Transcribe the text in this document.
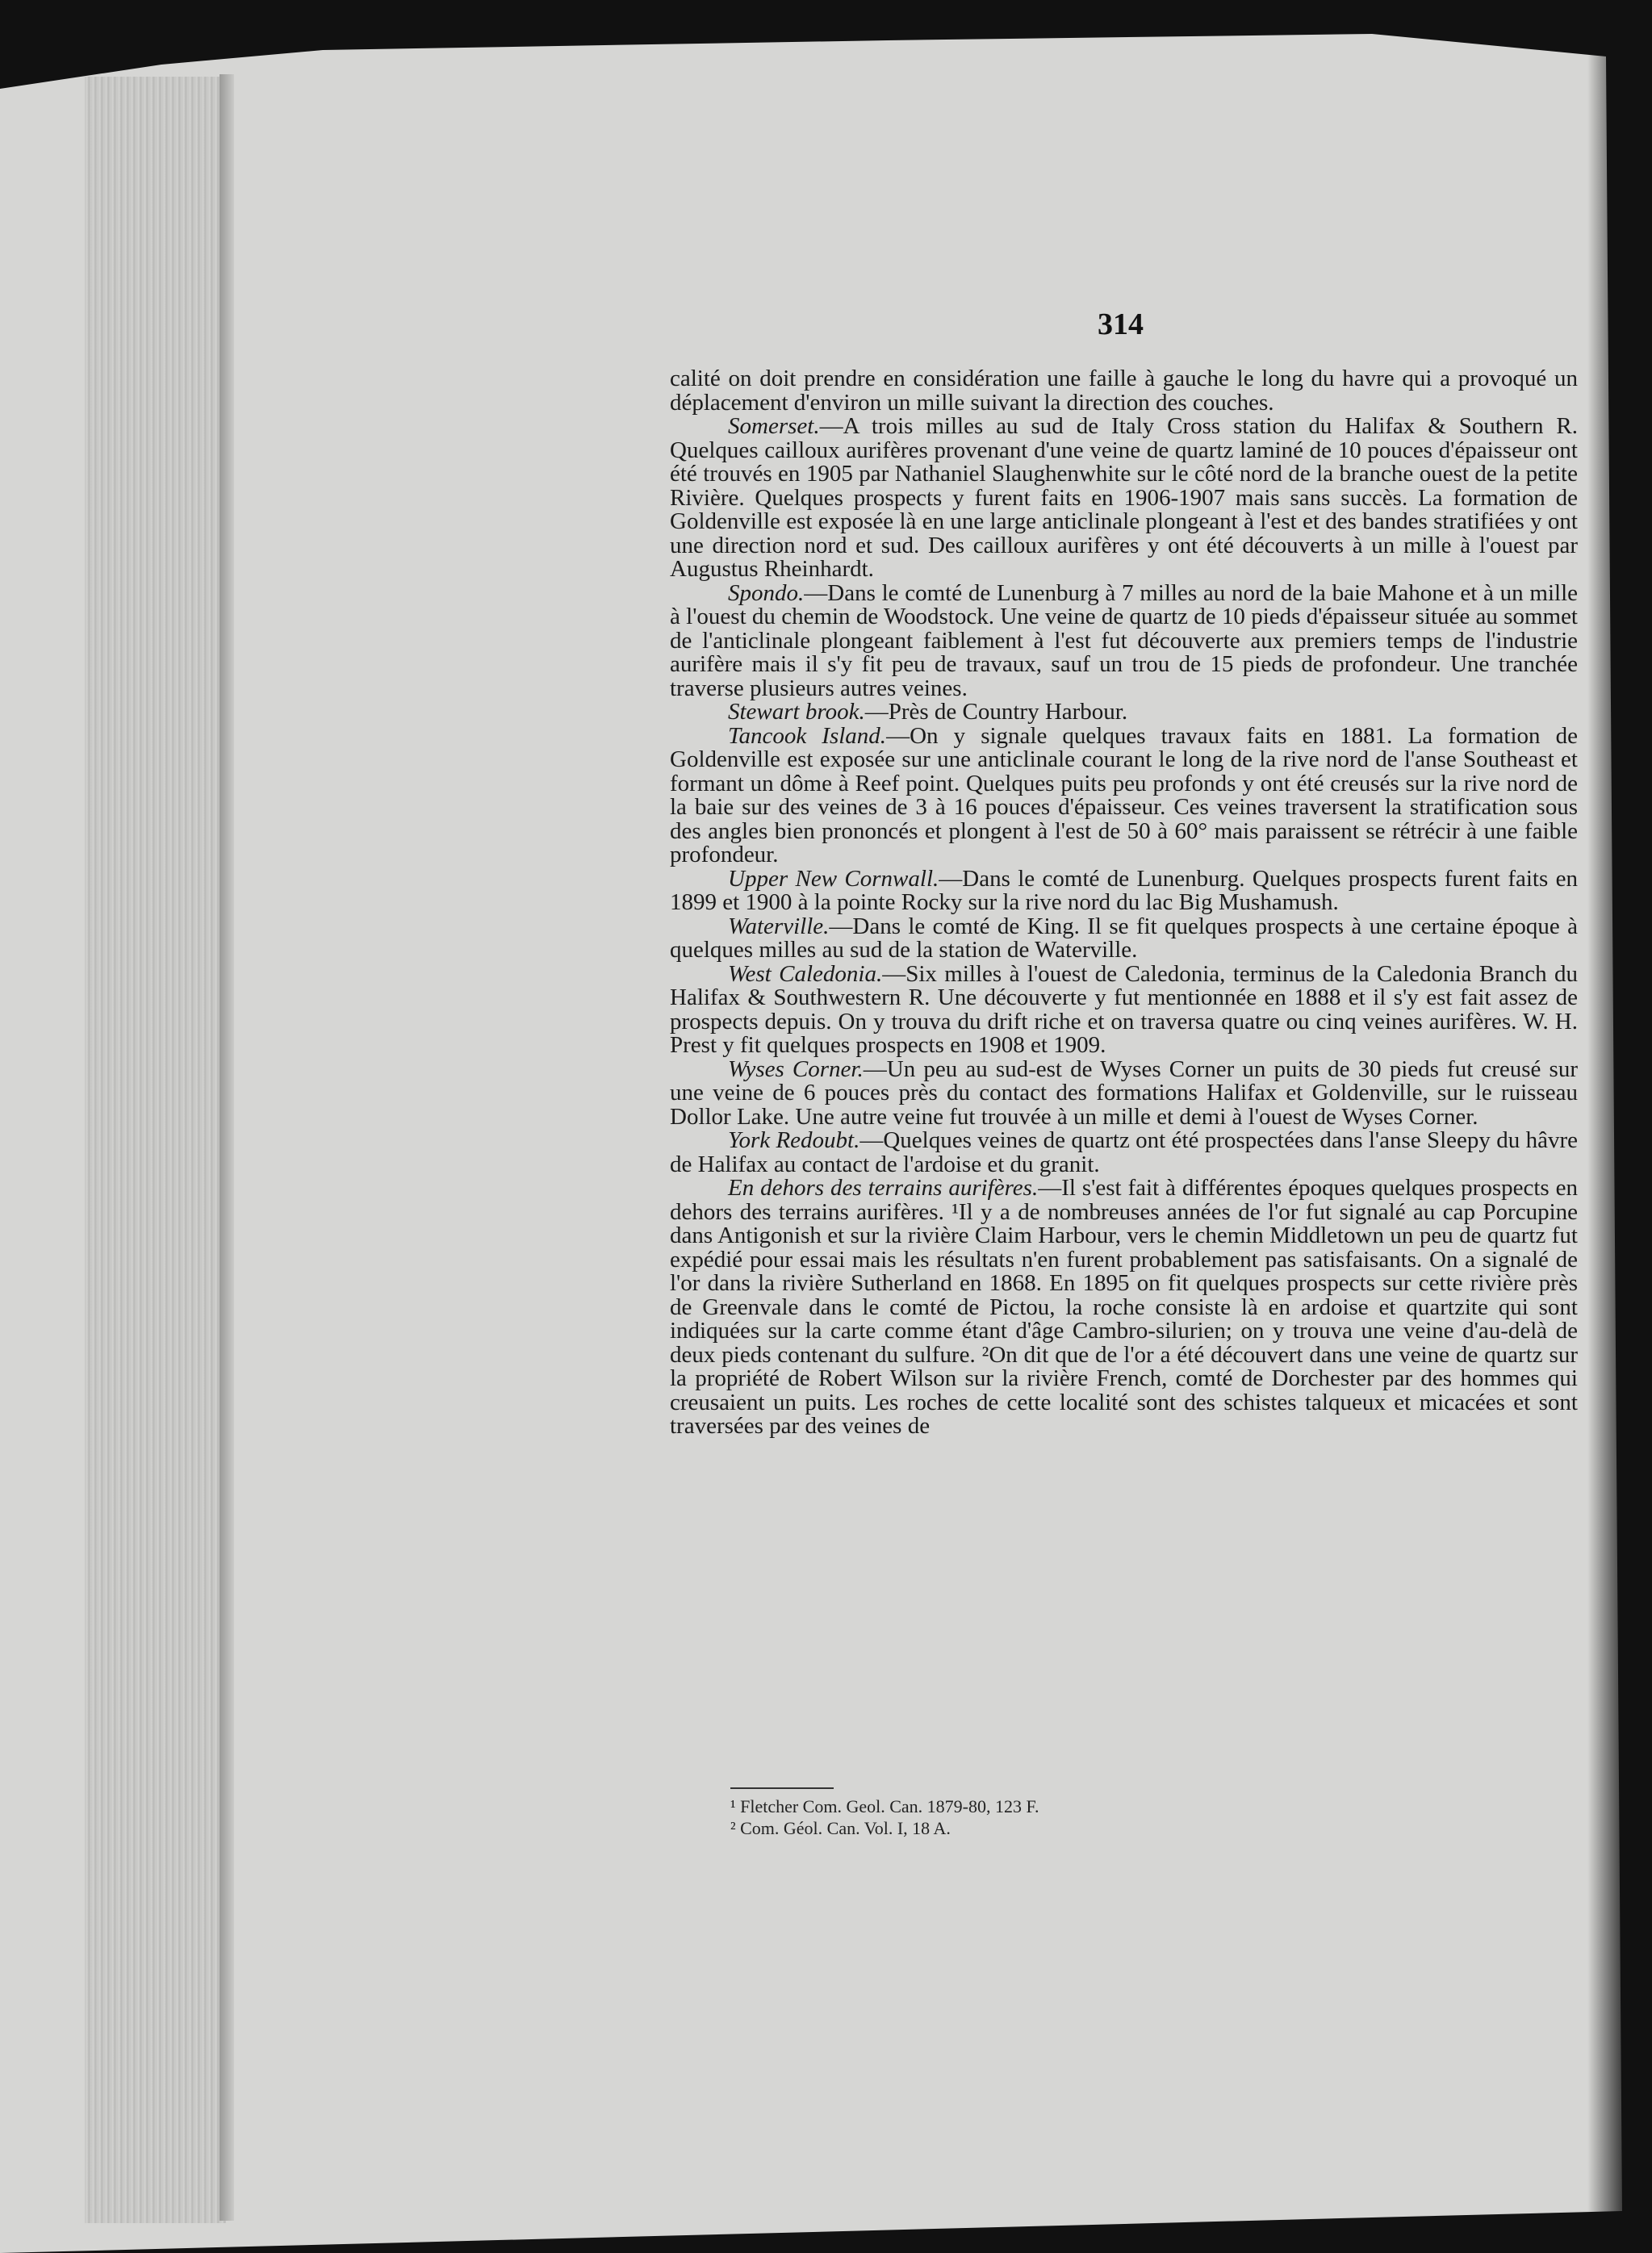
314

calité on doit prendre en considération une faille à gauche le long du havre qui a provoqué un déplacement d'environ un mille suivant la direction des couches.

Somerset.—A trois milles au sud de Italy Cross station du Halifax & Southern R. Quelques cailloux aurifères provenant d'une veine de quartz laminé de 10 pouces d'épaisseur ont été trouvés en 1905 par Nathaniel Slaughenwhite sur le côté nord de la branche ouest de la petite Rivière. Quelques prospects y furent faits en 1906-1907 mais sans succès. La formation de Goldenville est exposée là en une large anticlinale plongeant à l'est et des bandes stratifiées y ont une direction nord et sud. Des cailloux aurifères y ont été découverts à un mille à l'ouest par Augustus Rheinhardt.

Spondo.—Dans le comté de Lunenburg à 7 milles au nord de la baie Mahone et à un mille à l'ouest du chemin de Woodstock. Une veine de quartz de 10 pieds d'épaisseur située au sommet de l'anticlinale plongeant faiblement à l'est fut découverte aux premiers temps de l'industrie aurifère mais il s'y fit peu de travaux, sauf un trou de 15 pieds de profondeur. Une tranchée traverse plusieurs autres veines.

Stewart brook.—Près de Country Harbour.

Tancook Island.—On y signale quelques travaux faits en 1881. La formation de Goldenville est exposée sur une anticlinale courant le long de la rive nord de l'anse Southeast et formant un dôme à Reef point. Quelques puits peu profonds y ont été creusés sur la rive nord de la baie sur des veines de 3 à 16 pouces d'épaisseur. Ces veines traversent la stratification sous des angles bien prononcés et plongent à l'est de 50 à 60° mais paraissent se rétrécir à une faible profondeur.

Upper New Cornwall.—Dans le comté de Lunenburg. Quelques prospects furent faits en 1899 et 1900 à la pointe Rocky sur la rive nord du lac Big Mushamush.

Waterville.—Dans le comté de King. Il se fit quelques prospects à une certaine époque à quelques milles au sud de la station de Waterville.

West Caledonia.—Six milles à l'ouest de Caledonia, terminus de la Caledonia Branch du Halifax & Southwestern R. Une découverte y fut mentionnée en 1888 et il s'y est fait assez de prospects depuis. On y trouva du drift riche et on traversa quatre ou cinq veines aurifères. W. H. Prest y fit quelques prospects en 1908 et 1909.

Wyses Corner.—Un peu au sud-est de Wyses Corner un puits de 30 pieds fut creusé sur une veine de 6 pouces près du contact des formations Halifax et Goldenville, sur le ruisseau Dollor Lake. Une autre veine fut trouvée à un mille et demi à l'ouest de Wyses Corner.

York Redoubt.—Quelques veines de quartz ont été prospectées dans l'anse Sleepy du hâvre de Halifax au contact de l'ardoise et du granit.

En dehors des terrains aurifères.—Il s'est fait à différentes époques quelques prospects en dehors des terrains aurifères. ¹Il y a de nombreuses années de l'or fut signalé au cap Porcupine dans Antigonish et sur la rivière Claim Harbour, vers le chemin Middletown un peu de quartz fut expédié pour essai mais les résultats n'en furent probablement pas satisfaisants. On a signalé de l'or dans la rivière Sutherland en 1868. En 1895 on fit quelques prospects sur cette rivière près de Greenvale dans le comté de Pictou, la roche consiste là en ardoise et quartzite qui sont indiquées sur la carte comme étant d'âge Cambro-silurien; on y trouva une veine d'au-delà de deux pieds contenant du sulfure. ²On dit que de l'or a été découvert dans une veine de quartz sur la propriété de Robert Wilson sur la rivière French, comté de Dorchester par des hommes qui creusaient un puits. Les roches de cette localité sont des schistes talqueux et micacées et sont traversées par des veines de

¹ Fletcher Com. Geol. Can. 1879-80, 123 F.
² Com. Géol. Can. Vol. I, 18 A.
